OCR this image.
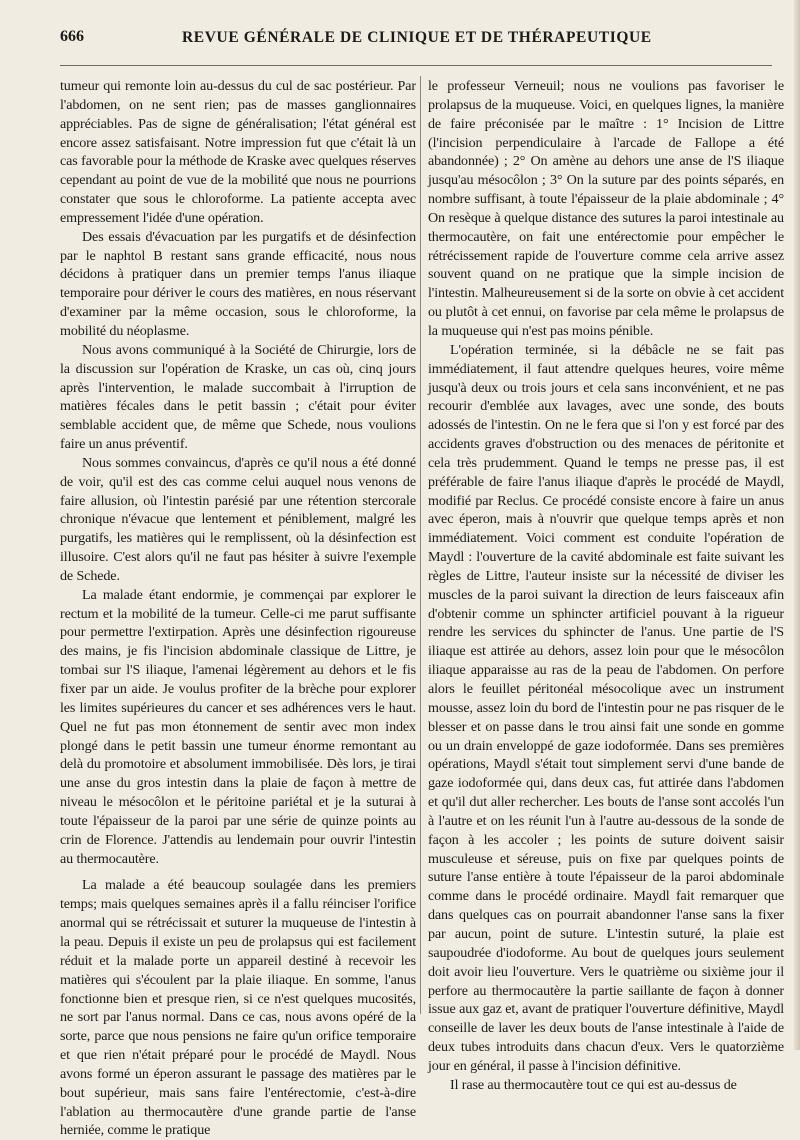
666	REVUE GÉNÉRALE DE CLINIQUE ET DE THÉRAPEUTIQUE

tumeur qui remonte loin au-dessus du cul de sac postérieur. Par l'abdomen, on ne sent rien; pas de masses ganglionnaires appréciables. Pas de signe de généralisation; l'état général est encore assez satisfaisant. Notre impression fut que c'était là un cas favorable pour la méthode de Kraske avec quelques réserves cependant au point de vue de la mobilité que nous ne pourrions constater que sous le chloroforme. La patiente accepta avec empressement l'idée d'une opération.

Des essais d'évacuation par les purgatifs et de désinfection par le naphtol B restant sans grande efficacité, nous nous décidons à pratiquer dans un premier temps l'anus iliaque temporaire pour dériver le cours des matières, en nous réservant d'examiner par la même occasion, sous le chloroforme, la mobilité du néoplasme.

Nous avons communiqué à la Société de Chirurgie, lors de la discussion sur l'opération de Kraske, un cas où, cinq jours après l'intervention, le malade succombait à l'irruption de matières fécales dans le petit bassin ; c'était pour éviter semblable accident que, de même que Schede, nous voulions faire un anus préventif.

Nous sommes convaincus, d'après ce qu'il nous a été donné de voir, qu'il est des cas comme celui auquel nous venons de faire allusion, où l'intestin parésié par une rétention stercorale chronique n'évacue que lentement et péniblement, malgré les purgatifs, les matières qui le remplissent, où la désinfection est illusoire. C'est alors qu'il ne faut pas hésiter à suivre l'exemple de Schede.

La malade étant endormie, je commençai par explorer le rectum et la mobilité de la tumeur. Celle-ci me parut suffisante pour permettre l'extirpation. Après une désinfection rigoureuse des mains, je fis l'incision abdominale classique de Littre, je tombai sur l'S iliaque, l'amenai légèrement au dehors et le fis fixer par un aide. Je voulus profiter de la brèche pour explorer les limites supérieures du cancer et ses adhérences vers le haut. Quel ne fut pas mon étonnement de sentir avec mon index plongé dans le petit bassin une tumeur énorme remontant au delà du promotoire et absolument immobilisée. Dès lors, je tirai une anse du gros intestin dans la plaie de façon à mettre de niveau le mésocôlon et le péritoine pariétal et je la suturai à toute l'épaisseur de la paroi par une série de quinze points au crin de Florence. J'attendis au lendemain pour ouvrir l'intestin au thermocautère.

La malade a été beaucoup soulagée dans les premiers temps; mais quelques semaines après il a fallu réinciser l'orifice anormal qui se rétrécissait et suturer la muqueuse de l'intestin à la peau. Depuis il existe un peu de prolapsus qui est facilement réduit et la malade porte un appareil destiné à recevoir les matières qui s'écoulent par la plaie iliaque. En somme, l'anus fonctionne bien et presque rien, si ce n'est quelques mucosités, ne sort par l'anus normal. Dans ce cas, nous avons opéré de la sorte, parce que nous pensions ne faire qu'un orifice temporaire et que rien n'était préparé pour le procédé de Maydl. Nous avons formé un éperon assurant le passage des matières par le bout supérieur, mais sans faire l'entérectomie, c'est-à-dire l'ablation au thermocautère d'une grande partie de l'anse herniée, comme le pratique

le professeur Verneuil; nous ne voulions pas favoriser le prolapsus de la muqueuse. Voici, en quelques lignes, la manière de faire préconisée par le maître : 1° Incision de Littre (l'incision perpendiculaire à l'arcade de Fallope a été abandonnée) ; 2° On amène au dehors une anse de l'S iliaque jusqu'au mésocôlon ; 3° On la suture par des points séparés, en nombre suffisant, à toute l'épaisseur de la plaie abdominale ; 4° On resèque à quelque distance des sutures la paroi intestinale au thermocautère, on fait une entérectomie pour empêcher le rétrécissement rapide de l'ouverture comme cela arrive assez souvent quand on ne pratique que la simple incision de l'intestin. Malheureusement si de la sorte on obvie à cet accident ou plutôt à cet ennui, on favorise par cela même le prolapsus de la muqueuse qui n'est pas moins pénible.

L'opération terminée, si la débâcle ne se fait pas immédiatement, il faut attendre quelques heures, voire même jusqu'à deux ou trois jours et cela sans inconvénient, et ne pas recourir d'emblée aux lavages, avec une sonde, des bouts adossés de l'intestin. On ne le fera que si l'on y est forcé par des accidents graves d'obstruction ou des menaces de péritonite et cela très prudemment. Quand le temps ne presse pas, il est préférable de faire l'anus iliaque d'après le procédé de Maydl, modifié par Reclus. Ce procédé consiste encore à faire un anus avec éperon, mais à n'ouvrir que quelque temps après et non immédiatement. Voici comment est conduite l'opération de Maydl : l'ouverture de la cavité abdominale est faite suivant les règles de Littre, l'auteur insiste sur la nécessité de diviser les muscles de la paroi suivant la direction de leurs faisceaux afin d'obtenir comme un sphincter artificiel pouvant à la rigueur rendre les services du sphincter de l'anus. Une partie de l'S iliaque est attirée au dehors, assez loin pour que le mésocôlon iliaque apparaisse au ras de la peau de l'abdomen. On perfore alors le feuillet péritonéal mésocolique avec un instrument mousse, assez loin du bord de l'intestin pour ne pas risquer de le blesser et on passe dans le trou ainsi fait une sonde en gomme ou un drain enveloppé de gaze iodoformée. Dans ses premières opérations, Maydl s'était tout simplement servi d'une bande de gaze iodoformée qui, dans deux cas, fut attirée dans l'abdomen et qu'il dut aller rechercher. Les bouts de l'anse sont accolés l'un à l'autre et on les réunit l'un à l'autre au-dessous de la sonde de façon à les accoler ; les points de suture doivent saisir musculeuse et séreuse, puis on fixe par quelques points de suture l'anse entière à toute l'épaisseur de la paroi abdominale comme dans le procédé ordinaire. Maydl fait remarquer que dans quelques cas on pourrait abandonner l'anse sans la fixer par aucun, point de suture. L'intestin suturé, la plaie est saupoudrée d'iodoforme. Au bout de quelques jours seulement doit avoir lieu l'ouverture. Vers le quatrième ou sixième jour il perfore au thermocautère la partie saillante de façon à donner issue aux gaz et, avant de pratiquer l'ouverture définitive, Maydl conseille de laver les deux bouts de l'anse intestinale à l'aide de deux tubes introduits dans chacun d'eux. Vers le quatorzième jour en général, il passe à l'incision définitive.

Il rase au thermocautère tout ce qui est au-dessus de
